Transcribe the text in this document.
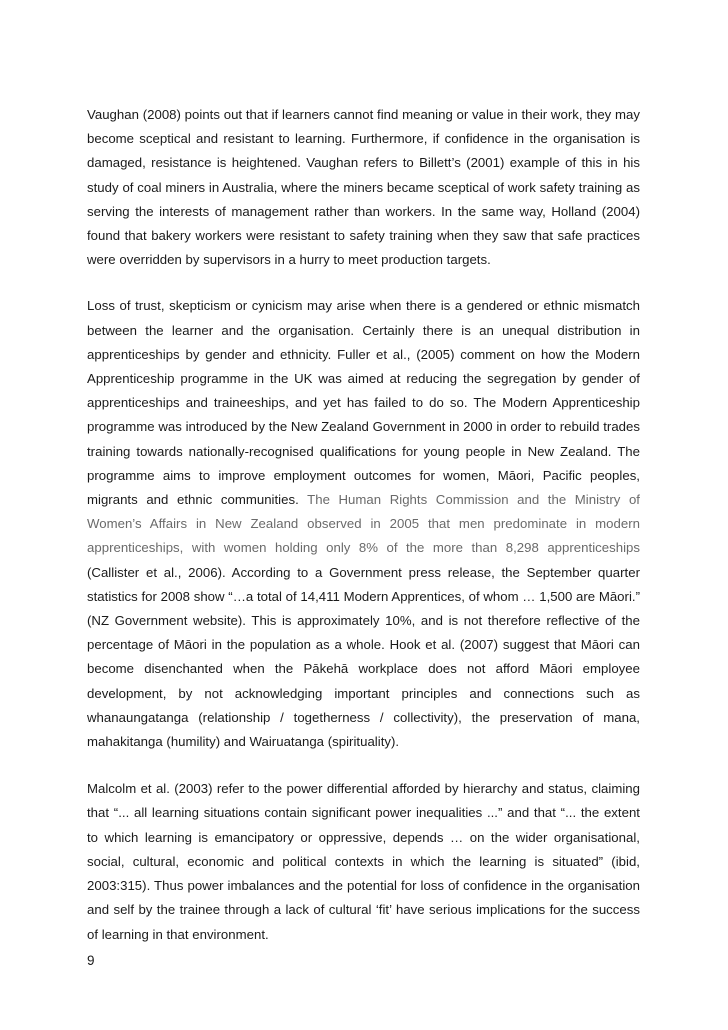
Vaughan (2008) points out that if learners cannot find meaning or value in their work, they may become sceptical and resistant to learning. Furthermore, if confidence in the organisation is damaged, resistance is heightened. Vaughan refers to Billett’s (2001) example of this in his study of coal miners in Australia, where the miners became sceptical of work safety training as serving the interests of management rather than workers. In the same way, Holland (2004) found that bakery workers were resistant to safety training when they saw that safe practices were overridden by supervisors in a hurry to meet production targets.

Loss of trust, skepticism or cynicism may arise when there is a gendered or ethnic mismatch between the learner and the organisation. Certainly there is an unequal distribution in apprenticeships by gender and ethnicity. Fuller et al., (2005) comment on how the Modern Apprenticeship programme in the UK was aimed at reducing the segregation by gender of apprenticeships and traineeships, and yet has failed to do so. The Modern Apprenticeship programme was introduced by the New Zealand Government in 2000 in order to rebuild trades training towards nationally-recognised qualifications for young people in New Zealand. The programme aims to improve employment outcomes for women, Māori, Pacific peoples, migrants and ethnic communities. The Human Rights Commission and the Ministry of Women’s Affairs in New Zealand observed in 2005 that men predominate in modern apprenticeships, with women holding only 8% of the more than 8,298 apprenticeships (Callister et al., 2006). According to a Government press release, the September quarter statistics for 2008 show “…a total of 14,411 Modern Apprentices, of whom … 1,500 are Māori.” (NZ Government website). This is approximately 10%, and is not therefore reflective of the percentage of Māori in the population as a whole. Hook et al. (2007) suggest that Māori can become disenchanted when the Pākehā workplace does not afford Māori employee development, by not acknowledging important principles and connections such as whanaungatanga (relationship / togetherness / collectivity), the preservation of mana, mahakitanga (humility) and Wairuatanga (spirituality).

Malcolm et al. (2003) refer to the power differential afforded by hierarchy and status, claiming that “... all learning situations contain significant power inequalities ...” and that “... the extent to which learning is emancipatory or oppressive, depends … on the wider organisational, social, cultural, economic and political contexts in which the learning is situated” (ibid, 2003:315). Thus power imbalances and the potential for loss of confidence in the organisation and self by the trainee through a lack of cultural ‘fit’ have serious implications for the success of learning in that environment.

9
